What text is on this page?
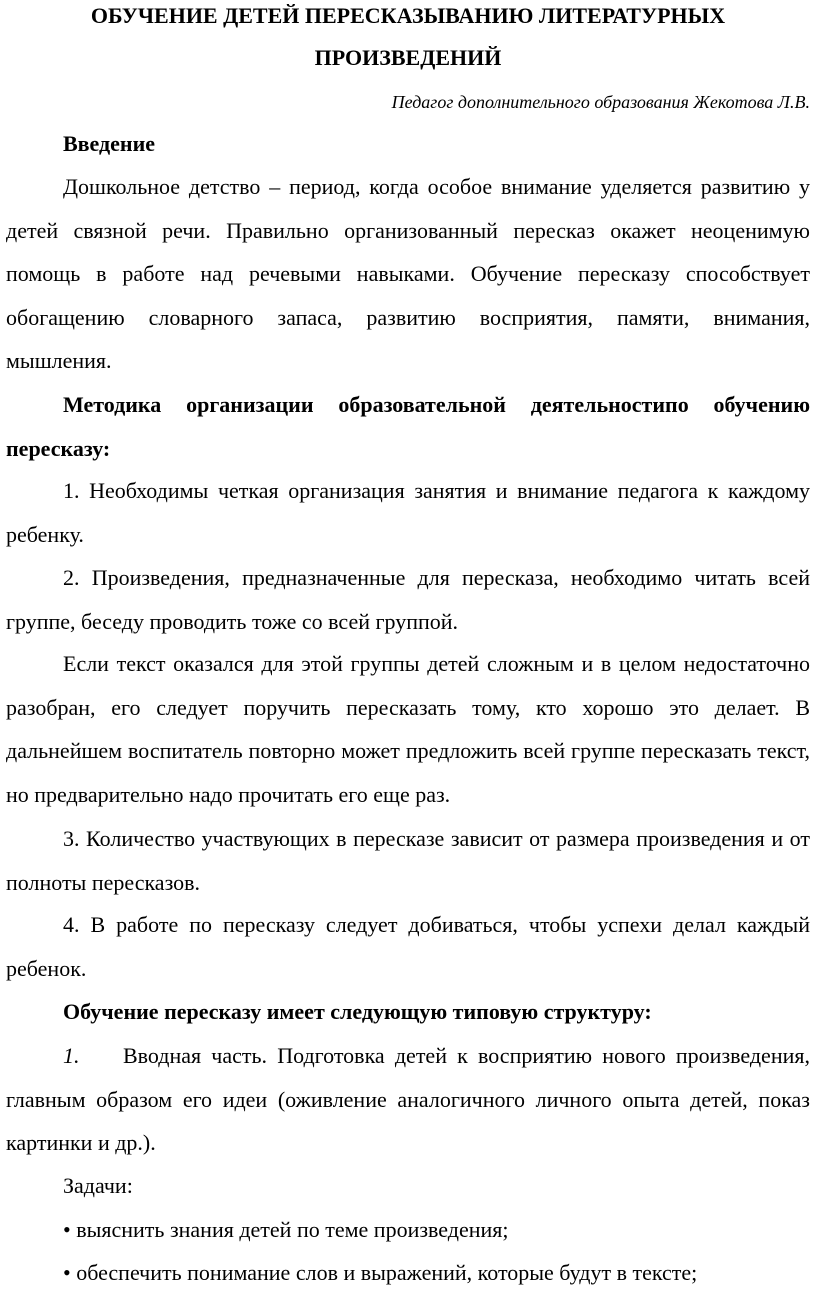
ОБУЧЕНИЕ ДЕТЕЙ ПЕРЕСКАЗЫВАНИЮ ЛИТЕРАТУРНЫХ
ПРОИЗВЕДЕНИЙ
Педагог дополнительного образования Жекотова Л.В.

Введение

Дошкольное детство – период, когда особое внимание уделяется развитию у детей связной речи. Правильно организованный пересказ окажет неоценимую помощь в работе над речевыми навыками. Обучение пересказу способствует обогащению словарного запаса, развитию восприятия, памяти, внимания, мышления.

Методика организации образовательной деятельностипо обучению пересказу:

1. Необходимы четкая организация занятия и внимание педагога к каждому ребенку.

2. Произведения, предназначенные для пересказа, необходимо читать всей группе, беседу проводить тоже со всей группой.

Если текст оказался для этой группы детей сложным и в целом недостаточно разобран, его следует поручить пересказать тому, кто хорошо это делает. В дальнейшем воспитатель повторно может предложить всей группе пересказать текст, но предварительно надо прочитать его еще раз.

3. Количество участвующих в пересказе зависит от размера произведения и от полноты пересказов.

4. В работе по пересказу следует добиваться, чтобы успехи делал каждый ребенок.

Обучение пересказу имеет следующую типовую структуру:

1. Вводная часть. Подготовка детей к восприятию нового произведения, главным образом его идеи (оживление аналогичного личного опыта детей, показ картинки и др.).

Задачи:

• выяснить знания детей по теме произведения;

• обеспечить понимание слов и выражений, которые будут в тексте;
